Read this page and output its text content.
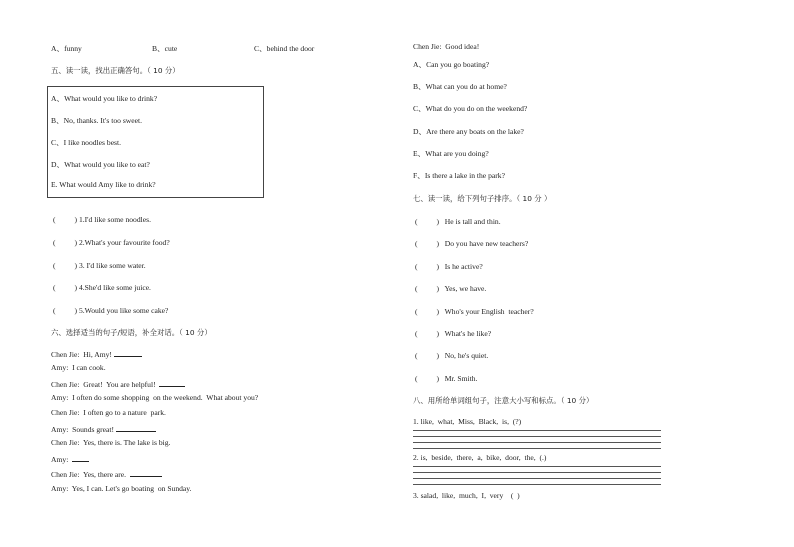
A、funny	B、cute	C、behind the door
五、读一读，找出正确答句。（ 10 分）
A、What would you like to drink?
B、No, thanks. It's too sweet.
C、I like noodles best.
D、What would you like to eat?
E. What would Amy like to drink?
(          ) 1.I'd like some noodles.
(          ) 2.What's your favourite food?
(          ) 3. I'd like some water.
(          ) 4.She'd like some juice.
(          ) 5.Would you like some cake?
六、选择适当的句子/短语，补全对话。（ 10 分）
Chen Jie:  Hi, Amy!
Amy:  I can cook.
Chen Jie:  Great!  You are helpful!
Amy:  I often do some shopping  on the weekend.  What about you?
Chen Jie:  I often go to a nature  park.
Amy:  Sounds great!
Chen Jie:  Yes, there is. The lake is big.
Amy:
Chen Jie:  Yes, there are.
Amy:  Yes, I can. Let's go boating  on Sunday.
Chen Jie:  Good idea!
A、Can you go boating?
B、What can you do at home?
C、What do you do on the weekend?
D、Are there any boats on the lake?
E、What are you doing?
F、Is there a lake in the park?
七、读一读，给下列句子排序。（ 10 分 ）
(          )   He is tall and thin.
(          )   Do you have new teachers?
(          )   Is he active?
(          )   Yes, we have.
(          )   Who's your English  teacher?
(          )   What's he like?
(          )   No, he's quiet.
(          )   Mr. Smith.
八、用所给单词组句子，注意大小写和标点。（ 10 分）
1. like,  what,  Miss,  Black,  is,  (?)
2. is,  beside,  there,  a,  bike,  door,  the,  (.)
3. salad,  like,  much,  I,  very    (  )
